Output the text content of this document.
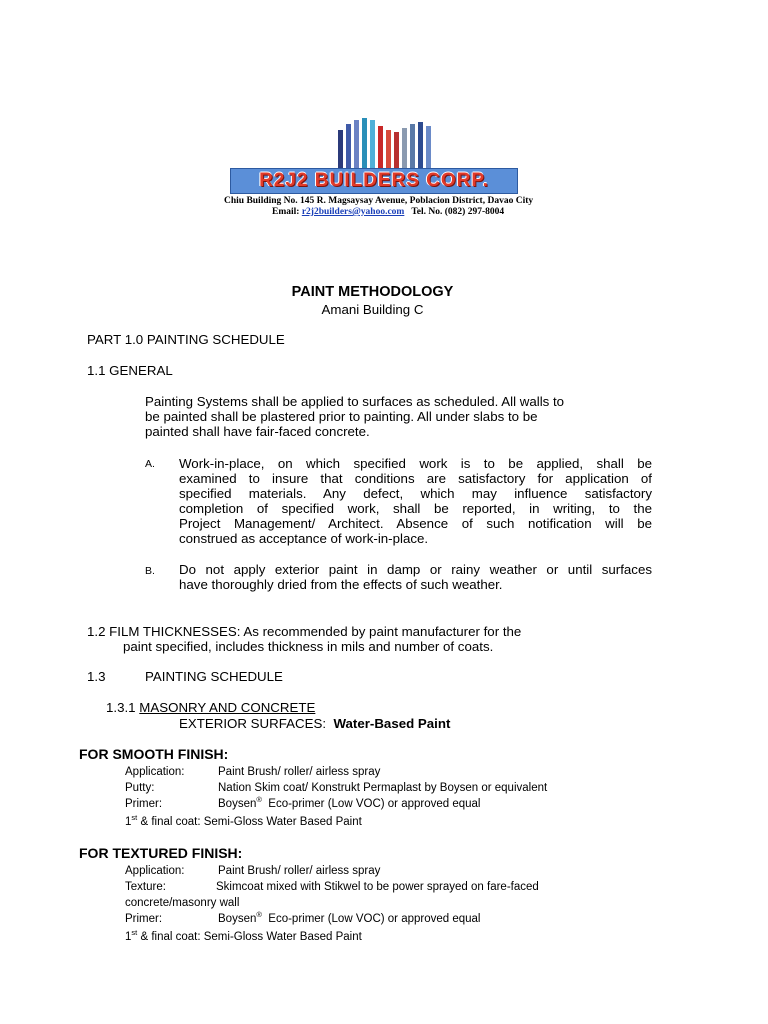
R2J2 BUILDERS CORP.
Chiu Building No. 145 R. Magsaysay Avenue, Poblacion District, Davao City
Email: r2j2builders@yahoo.com Tel. No. (082) 297-8004
PAINT METHODOLOGY
Amani Building C
PART 1.0 PAINTING SCHEDULE
1.1 GENERAL
Painting Systems shall be applied to surfaces as scheduled. All walls to
be painted shall be plastered prior to painting. All under slabs to be
painted shall have fair-faced concrete.
A. Work-in-place, on which specified work is to be applied, shall be
examined to insure that conditions are satisfactory for application of
specified materials. Any defect, which may influence satisfactory
completion of specified work, shall be reported, in writing, to the
Project Management/ Architect. Absence of such notification will be
construed as acceptance of work-in-place.
B. Do not apply exterior paint in damp or rainy weather or until surfaces
have thoroughly dried from the effects of such weather.
1.2 FILM THICKNESSES: As recommended by paint manufacturer for the
paint specified, includes thickness in mils and number of coats.
1.3	PAINTING SCHEDULE
1.3.1 MASONRY AND CONCRETE
EXTERIOR SURFACES: Water-Based Paint
FOR SMOOTH FINISH:
Application:	Paint Brush/ roller/ airless spray
Putty:	Nation Skim coat/ Konstrukt Permaplast by Boysen or equivalent
Primer:	Boysen® Eco-primer (Low VOC) or approved equal
1st & final coat: Semi-Gloss Water Based Paint
FOR TEXTURED FINISH:
Application:	Paint Brush/ roller/ airless spray
Texture:	Skimcoat mixed with Stikwel to be power sprayed on fare-faced
concrete/masonry wall
Primer:	Boysen® Eco-primer (Low VOC) or approved equal
1st & final coat: Semi-Gloss Water Based Paint
